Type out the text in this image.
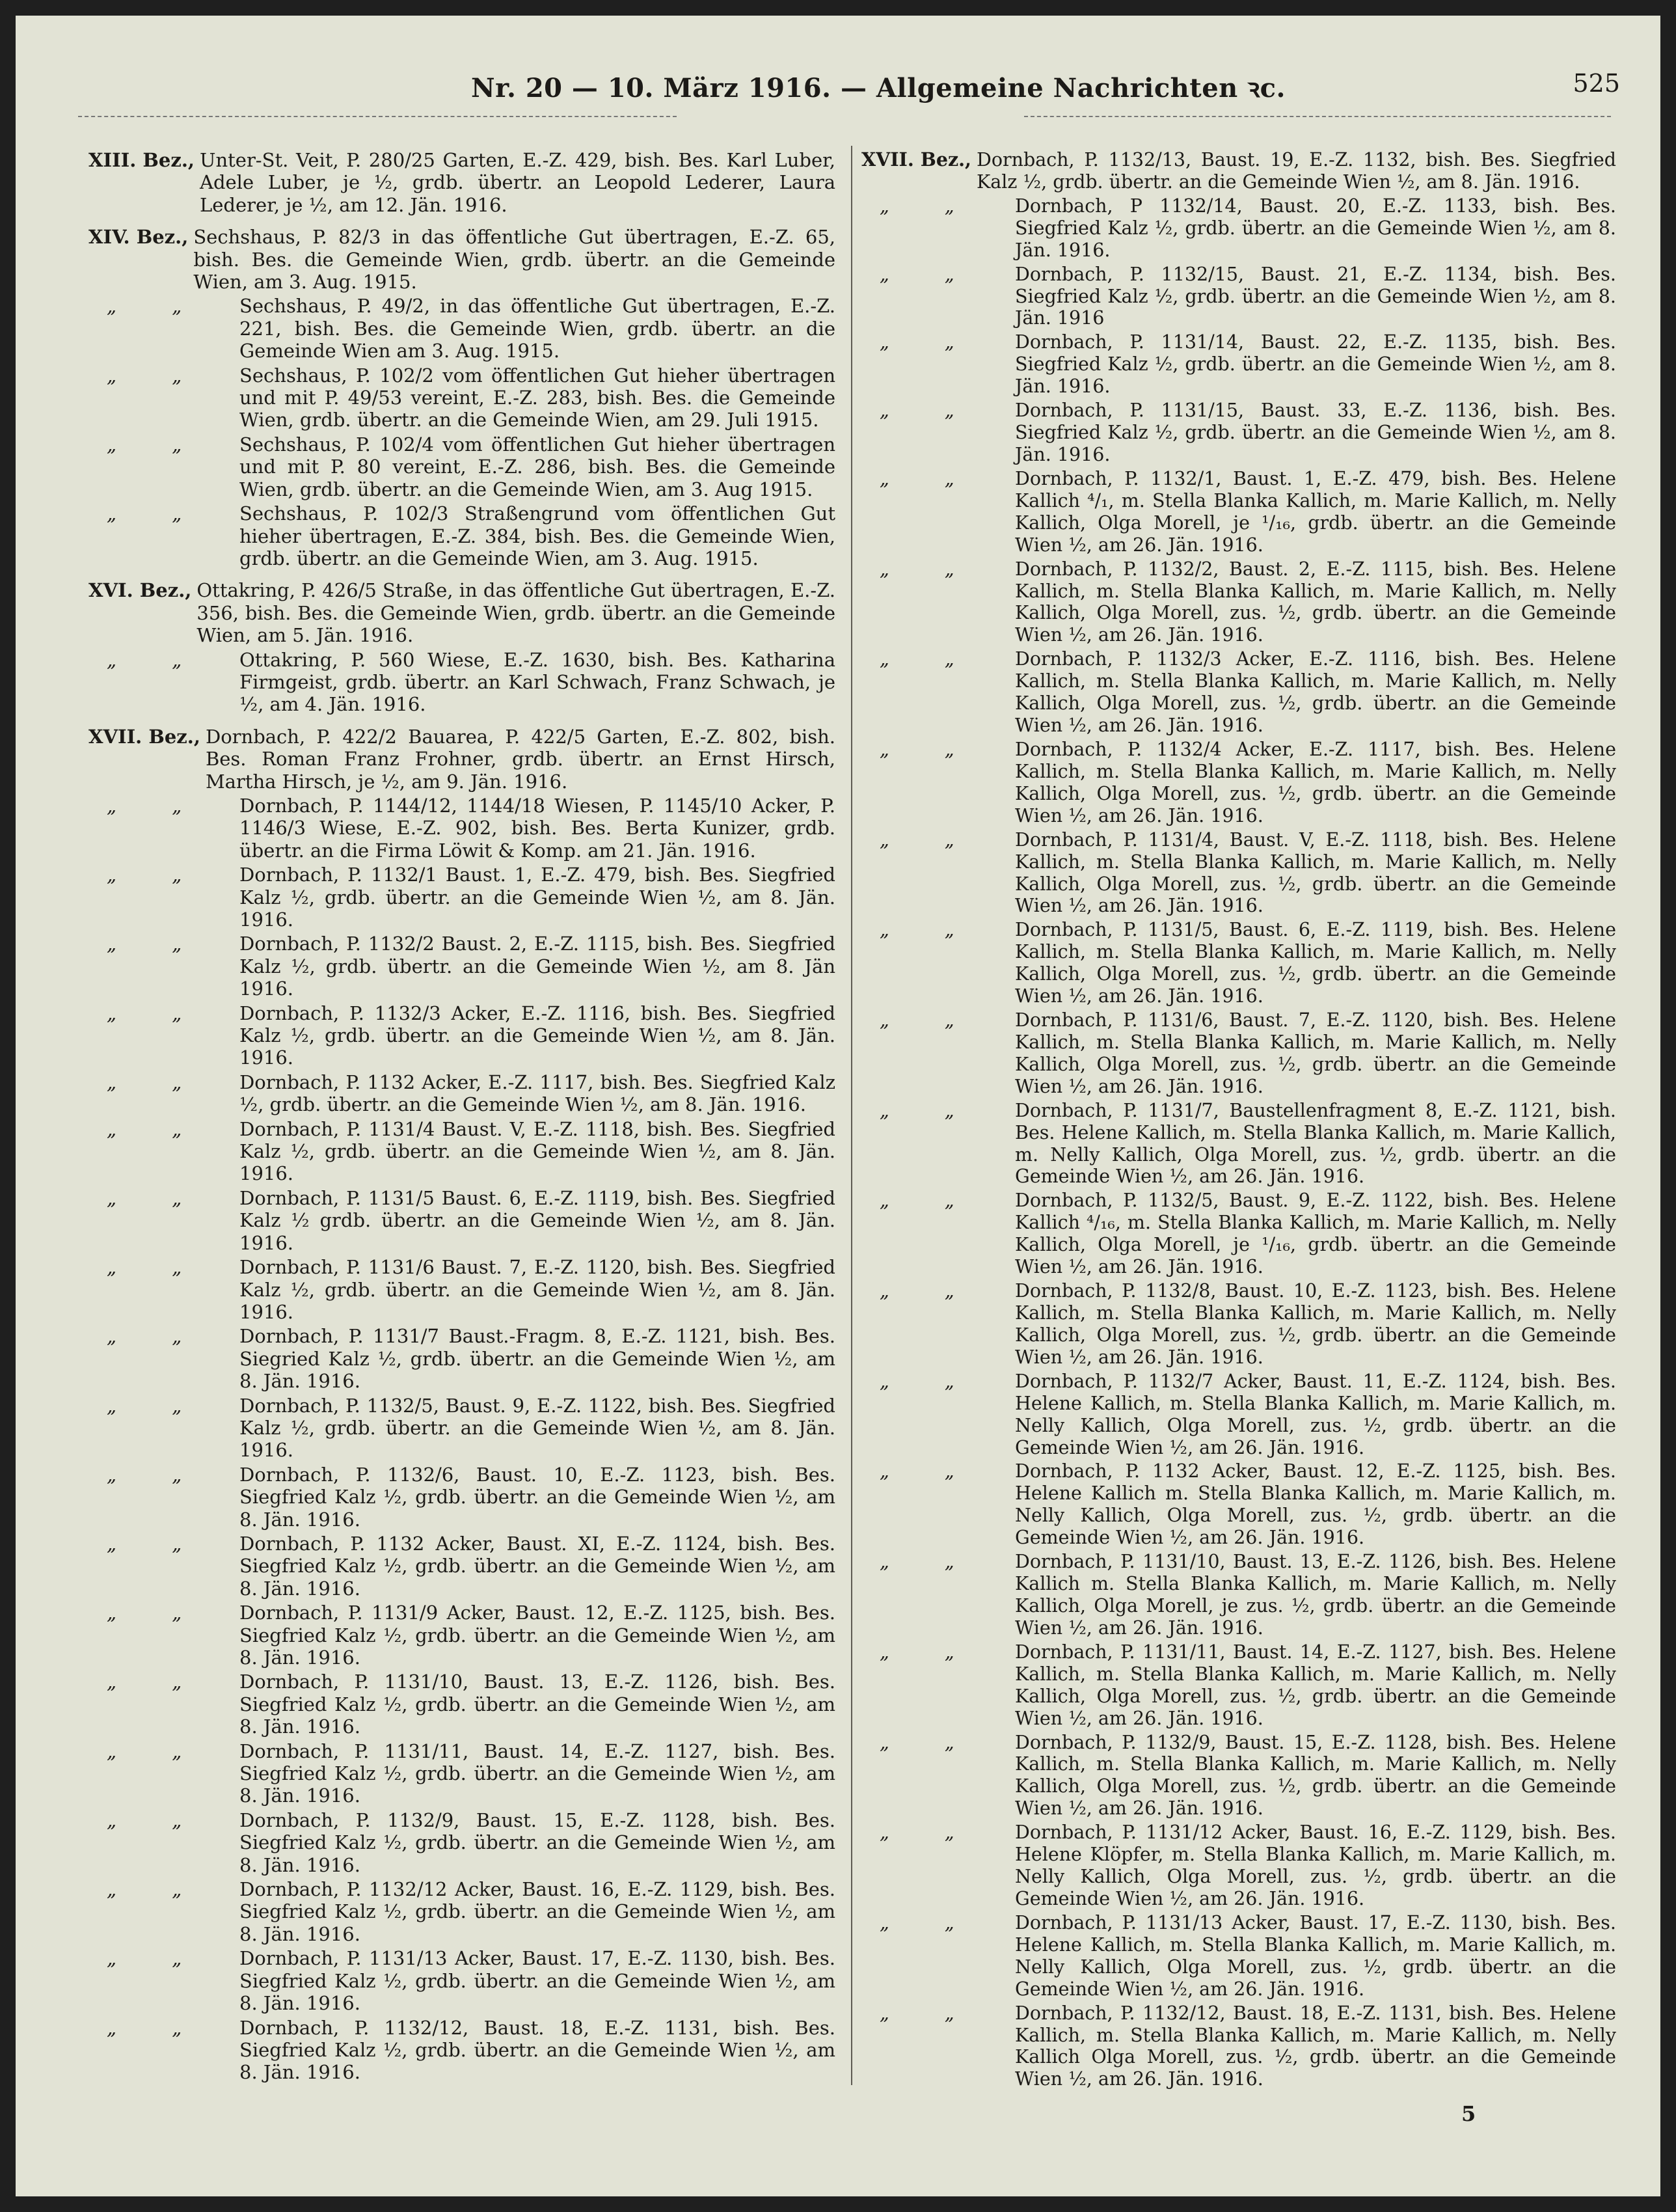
Nr. 20 — 10. März 1916. — Allgemeine Nachrichten ꝛc.	525
XIII. Bez., Unter-St. Veit, P. 280/25 Garten, E.-Z. 429, bish. Bes. Karl Luber, Adele Luber, je ½, grdb. übertr. an Leopold Lederer, Laura Lederer, je ½, am 12. Jän. 1916.
XIV. Bez., Sechshaus, P. 82/3 in das öffentliche Gut übertragen, E.-Z. 65, bish. Bes. die Gemeinde Wien, grdb. übertr. an die Gemeinde Wien, am 3. Aug. 1915.
„ „	Sechshaus, P. 49/2, in das öffentliche Gut übertragen, E.-Z. 221, bish. Bes. die Gemeinde Wien, grdb. übertr. an die Gemeinde Wien am 3. Aug. 1915.
„ „	Sechshaus, P. 102/2 vom öffentlichen Gut hieher übertragen und mit P. 49/53 vereint, E.-Z. 283, bish. Bes. die Gemeinde Wien, grdb. übertr. an die Gemeinde Wien, am 29. Juli 1915.
„ „	Sechshaus, P. 102/4 vom öffentlichen Gut hieher übertragen und mit P. 80 vereint, E.-Z. 286, bish. Bes. die Gemeinde Wien, grdb. übertr. an die Gemeinde Wien, am 3. Aug 1915.
„ „	Sechshaus, P. 102/3 Straßengrund vom öffentlichen Gut hieher übertragen, E.-Z. 384, bish. Bes. die Gemeinde Wien, grdb. übertr. an die Gemeinde Wien, am 3. Aug. 1915.
XVI. Bez., Ottakring, P. 426/5 Straße, in das öffentliche Gut übertragen, E.-Z. 356, bish. Bes. die Gemeinde Wien, grdb. übertr. an die Gemeinde Wien, am 5. Jän. 1916.
„ „	Ottakring, P. 560 Wiese, E.-Z. 1630, bish. Bes. Katharina Firmgeist, grdb. übertr. an Karl Schwach, Franz Schwach, je ½, am 4. Jän. 1916.
XVII. Bez., Dornbach, P. 422/2 Bauarea, P. 422/5 Garten, E.-Z. 802, bish. Bes. Roman Franz Frohner, grdb. übertr. an Ernst Hirsch, Martha Hirsch, je ½, am 9. Jän. 1916.
„ „	Dornbach, P. 1144/12, 1144/18 Wiesen, P. 1145/10 Acker, P. 1146/3 Wiese, E.-Z. 902, bish. Bes. Berta Kunizer, grdb. übertr. an die Firma Löwit & Komp. am 21. Jän. 1916.
„ „	Dornbach, P. 1132/1 Baust. 1, E.-Z. 479, bish. Bes. Siegfried Kalz ½, grdb. übertr. an die Gemeinde Wien ½, am 8. Jän. 1916.
„ „	Dornbach, P. 1132/2 Baust. 2, E.-Z. 1115, bish. Bes. Siegfried Kalz ½, grdb. übertr. an die Gemeinde Wien ½, am 8. Jän 1916.
„ „	Dornbach, P. 1132/3 Acker, E.-Z. 1116, bish. Bes. Siegfried Kalz ½, grdb. übertr. an die Gemeinde Wien ½, am 8. Jän. 1916.
„ „	Dornbach, P. 1132 Acker, E.-Z. 1117, bish. Bes. Siegfried Kalz ½, grdb. übertr. an die Gemeinde Wien ½, am 8. Jän. 1916.
„ „	Dornbach, P. 1131/4 Baust. V, E.-Z. 1118, bish. Bes. Siegfried Kalz ½, grdb. übertr. an die Gemeinde Wien ½, am 8. Jän. 1916.
„ „	Dornbach, P. 1131/5 Baust. 6, E.-Z. 1119, bish. Bes. Siegfried Kalz ½ grdb. übertr. an die Gemeinde Wien ½, am 8. Jän. 1916.
„ „	Dornbach, P. 1131/6 Baust. 7, E.-Z. 1120, bish. Bes. Siegfried Kalz ½, grdb. übertr. an die Gemeinde Wien ½, am 8. Jän. 1916.
„ „	Dornbach, P. 1131/7 Baust.-Fragm. 8, E.-Z. 1121, bish. Bes. Siegried Kalz ½, grdb. übertr. an die Gemeinde Wien ½, am 8. Jän. 1916.
„ „	Dornbach, P. 1132/5, Baust. 9, E.-Z. 1122, bish. Bes. Siegfried Kalz ½, grdb. übertr. an die Gemeinde Wien ½, am 8. Jän. 1916.
„ „	Dornbach, P. 1132/6, Baust. 10, E.-Z. 1123, bish. Bes. Siegfried Kalz ½, grdb. übertr. an die Gemeinde Wien ½, am 8. Jän. 1916.
„ „	Dornbach, P. 1132 Acker, Baust. XI, E.-Z. 1124, bish. Bes. Siegfried Kalz ½, grdb. übertr. an die Gemeinde Wien ½, am 8. Jän. 1916.
„ „	Dornbach, P. 1131/9 Acker, Baust. 12, E.-Z. 1125, bish. Bes. Siegfried Kalz ½, grdb. übertr. an die Gemeinde Wien ½, am 8. Jän. 1916.
„ „	Dornbach, P. 1131/10, Baust. 13, E.-Z. 1126, bish. Bes. Siegfried Kalz ½, grdb. übertr. an die Gemeinde Wien ½, am 8. Jän. 1916.
„ „	Dornbach, P. 1131/11, Baust. 14, E.-Z. 1127, bish. Bes. Siegfried Kalz ½, grdb. übertr. an die Gemeinde Wien ½, am 8. Jän. 1916.
„ „	Dornbach, P. 1132/9, Baust. 15, E.-Z. 1128, bish. Bes. Siegfried Kalz ½, grdb. übertr. an die Gemeinde Wien ½, am 8. Jän. 1916.
„ „	Dornbach, P. 1132/12 Acker, Baust. 16, E.-Z. 1129, bish. Bes. Siegfried Kalz ½, grdb. übertr. an die Gemeinde Wien ½, am 8. Jän. 1916.
„ „	Dornbach, P. 1131/13 Acker, Baust. 17, E.-Z. 1130, bish. Bes. Siegfried Kalz ½, grdb. übertr. an die Gemeinde Wien ½, am 8. Jän. 1916.
„ „	Dornbach, P. 1132/12, Baust. 18, E.-Z. 1131, bish. Bes. Siegfried Kalz ½, grdb. übertr. an die Gemeinde Wien ½, am 8. Jän. 1916.
XVII. Bez., Dornbach, P. 1132/13, Baust. 19, E.-Z. 1132, bish. Bes. Siegfried Kalz ½, grdb. übertr. an die Gemeinde Wien ½, am 8. Jän. 1916.
„ „	Dornbach, P 1132/14, Baust. 20, E.-Z. 1133, bish. Bes. Siegfried Kalz ½, grdb. übertr. an die Gemeinde Wien ½, am 8. Jän. 1916.
„ „	Dornbach, P. 1132/15, Baust. 21, E.-Z. 1134, bish. Bes. Siegfried Kalz ½, grdb. übertr. an die Gemeinde Wien ½, am 8. Jän. 1916
„ „	Dornbach, P. 1131/14, Baust. 22, E.-Z. 1135, bish. Bes. Siegfried Kalz ½, grdb. übertr. an die Gemeinde Wien ½, am 8. Jän. 1916.
„ „	Dornbach, P. 1131/15, Baust. 33, E.-Z. 1136, bish. Bes. Siegfried Kalz ½, grdb. übertr. an die Gemeinde Wien ½, am 8. Jän. 1916.
„ „	Dornbach, P. 1132/1, Baust. 1, E.-Z. 479, bish. Bes. Helene Kallich ⁴/₁, m. Stella Blanka Kallich, m. Marie Kallich, m. Nelly Kallich, Olga Morell, je ¹/₁₆, grdb. übertr. an die Gemeinde Wien ½, am 26. Jän. 1916.
„ „	Dornbach, P. 1132/2, Baust. 2, E.-Z. 1115, bish. Bes. Helene Kallich, m. Stella Blanka Kallich, m. Marie Kallich, m. Nelly Kallich, Olga Morell, zus. ½, grdb. übertr. an die Gemeinde Wien ½, am 26. Jän. 1916.
„ „	Dornbach, P. 1132/3 Acker, E.-Z. 1116, bish. Bes. Helene Kallich, m. Stella Blanka Kallich, m. Marie Kallich, m. Nelly Kallich, Olga Morell, zus. ½, grdb. übertr. an die Gemeinde Wien ½, am 26. Jän. 1916.
„ „	Dornbach, P. 1132/4 Acker, E.-Z. 1117, bish. Bes. Helene Kallich, m. Stella Blanka Kallich, m. Marie Kallich, m. Nelly Kallich, Olga Morell, zus. ½, grdb. übertr. an die Gemeinde Wien ½, am 26. Jän. 1916.
„ „	Dornbach, P. 1131/4, Baust. V, E.-Z. 1118, bish. Bes. Helene Kallich, m. Stella Blanka Kallich, m. Marie Kallich, m. Nelly Kallich, Olga Morell, zus. ½, grdb. übertr. an die Gemeinde Wien ½, am 26. Jän. 1916.
„ „	Dornbach, P. 1131/5, Baust. 6, E.-Z. 1119, bish. Bes. Helene Kallich, m. Stella Blanka Kallich, m. Marie Kallich, m. Nelly Kallich, Olga Morell, zus. ½, grdb. übertr. an die Gemeinde Wien ½, am 26. Jän. 1916.
„ „	Dornbach, P. 1131/6, Baust. 7, E.-Z. 1120, bish. Bes. Helene Kallich, m. Stella Blanka Kallich, m. Marie Kallich, m. Nelly Kallich, Olga Morell, zus. ½, grdb. übertr. an die Gemeinde Wien ½, am 26. Jän. 1916.
„ „	Dornbach, P. 1131/7, Baustellenfragment 8, E.-Z. 1121, bish. Bes. Helene Kallich, m. Stella Blanka Kallich, m. Marie Kallich, m. Nelly Kallich, Olga Morell, zus. ½, grdb. übertr. an die Gemeinde Wien ½, am 26. Jän. 1916.
„ „	Dornbach, P. 1132/5, Baust. 9, E.-Z. 1122, bish. Bes. Helene Kallich ⁴/₁₆, m. Stella Blanka Kallich, m. Marie Kallich, m. Nelly Kallich, Olga Morell, je ¹/₁₆, grdb. übertr. an die Gemeinde Wien ½, am 26. Jän. 1916.
„ „	Dornbach, P. 1132/8, Baust. 10, E.-Z. 1123, bish. Bes. Helene Kallich, m. Stella Blanka Kallich, m. Marie Kallich, m. Nelly Kallich, Olga Morell, zus. ½, grdb. übertr. an die Gemeinde Wien ½, am 26. Jän. 1916.
„ „	Dornbach, P. 1132/7 Acker, Baust. 11, E.-Z. 1124, bish. Bes. Helene Kallich, m. Stella Blanka Kallich, m. Marie Kallich, m. Nelly Kallich, Olga Morell, zus. ½, grdb. übertr. an die Gemeinde Wien ½, am 26. Jän. 1916.
„ „	Dornbach, P. 1132 Acker, Baust. 12, E.-Z. 1125, bish. Bes. Helene Kallich m. Stella Blanka Kallich, m. Marie Kallich, m. Nelly Kallich, Olga Morell, zus. ½, grdb. übertr. an die Gemeinde Wien ½, am 26. Jän. 1916.
„ „	Dornbach, P. 1131/10, Baust. 13, E.-Z. 1126, bish. Bes. Helene Kallich m. Stella Blanka Kallich, m. Marie Kallich, m. Nelly Kallich, Olga Morell, je zus. ½, grdb. übertr. an die Gemeinde Wien ½, am 26. Jän. 1916.
„ „	Dornbach, P. 1131/11, Baust. 14, E.-Z. 1127, bish. Bes. Helene Kallich, m. Stella Blanka Kallich, m. Marie Kallich, m. Nelly Kallich, Olga Morell, zus. ½, grdb. übertr. an die Gemeinde Wien ½, am 26. Jän. 1916.
„ „	Dornbach, P. 1132/9, Baust. 15, E.-Z. 1128, bish. Bes. Helene Kallich, m. Stella Blanka Kallich, m. Marie Kallich, m. Nelly Kallich, Olga Morell, zus. ½, grdb. übertr. an die Gemeinde Wien ½, am 26. Jän. 1916.
„ „	Dornbach, P. 1131/12 Acker, Baust. 16, E.-Z. 1129, bish. Bes. Helene Klöpfer, m. Stella Blanka Kallich, m. Marie Kallich, m. Nelly Kallich, Olga Morell, zus. ½, grdb. übertr. an die Gemeinde Wien ½, am 26. Jän. 1916.
„ „	Dornbach, P. 1131/13 Acker, Baust. 17, E.-Z. 1130, bish. Bes. Helene Kallich, m. Stella Blanka Kallich, m. Marie Kallich, m. Nelly Kallich, Olga Morell, zus. ½, grdb. übertr. an die Gemeinde Wien ½, am 26. Jän. 1916.
„ „	Dornbach, P. 1132/12, Baust. 18, E.-Z. 1131, bish. Bes. Helene Kallich, m. Stella Blanka Kallich, m. Marie Kallich, m. Nelly Kallich Olga Morell, zus. ½, grdb. übertr. an die Gemeinde Wien ½, am 26. Jän. 1916.
5
